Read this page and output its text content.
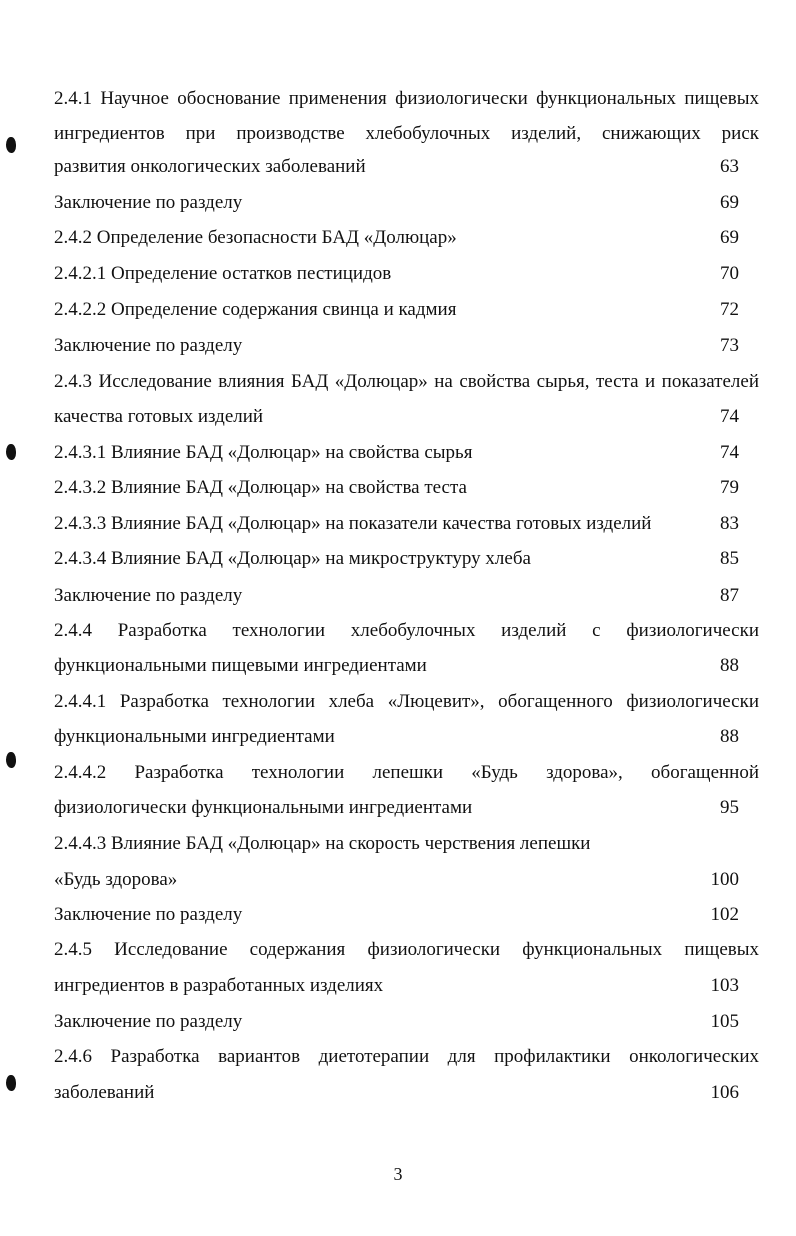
2.4.1 Научное обоснование применения физиологически функциональных пищевых
ингредиентов при производстве хлебобулочных изделий, снижающих риск
развития онкологических заболеваний	63
Заключение по разделу	69
2.4.2 Определение безопасности БАД «Долюцар»	69
2.4.2.1 Определение остатков пестицидов	70
2.4.2.2 Определение содержания свинца и кадмия	72
Заключение по разделу	73
2.4.3 Исследование влияния БАД «Долюцар» на свойства сырья, теста и показателей
качества готовых изделий	74
2.4.3.1 Влияние БАД «Долюцар» на свойства сырья	74
2.4.3.2 Влияние БАД «Долюцар» на свойства теста	79
2.4.3.3 Влияние БАД «Долюцар» на показатели качества готовых изделий	83
2.4.3.4 Влияние БАД «Долюцар» на микроструктуру хлеба	85
Заключение по разделу	87
2.4.4 Разработка технологии хлебобулочных изделий с физиологически
функциональными пищевыми ингредиентами	88
2.4.4.1 Разработка технологии хлеба «Люцевит», обогащенного физиологически
функциональными ингредиентами	88
2.4.4.2 Разработка технологии лепешки «Будь здорова», обогащенной
физиологически функциональными ингредиентами	95
2.4.4.3 Влияние БАД «Долюцар» на скорость черствения лепешки
«Будь здорова»	100
Заключение по разделу	102
2.4.5 Исследование содержания физиологически функциональных пищевых
ингредиентов в разработанных изделиях	103
Заключение по разделу	105
2.4.6 Разработка вариантов диетотерапии для профилактики онкологических
заболеваний	106
3
